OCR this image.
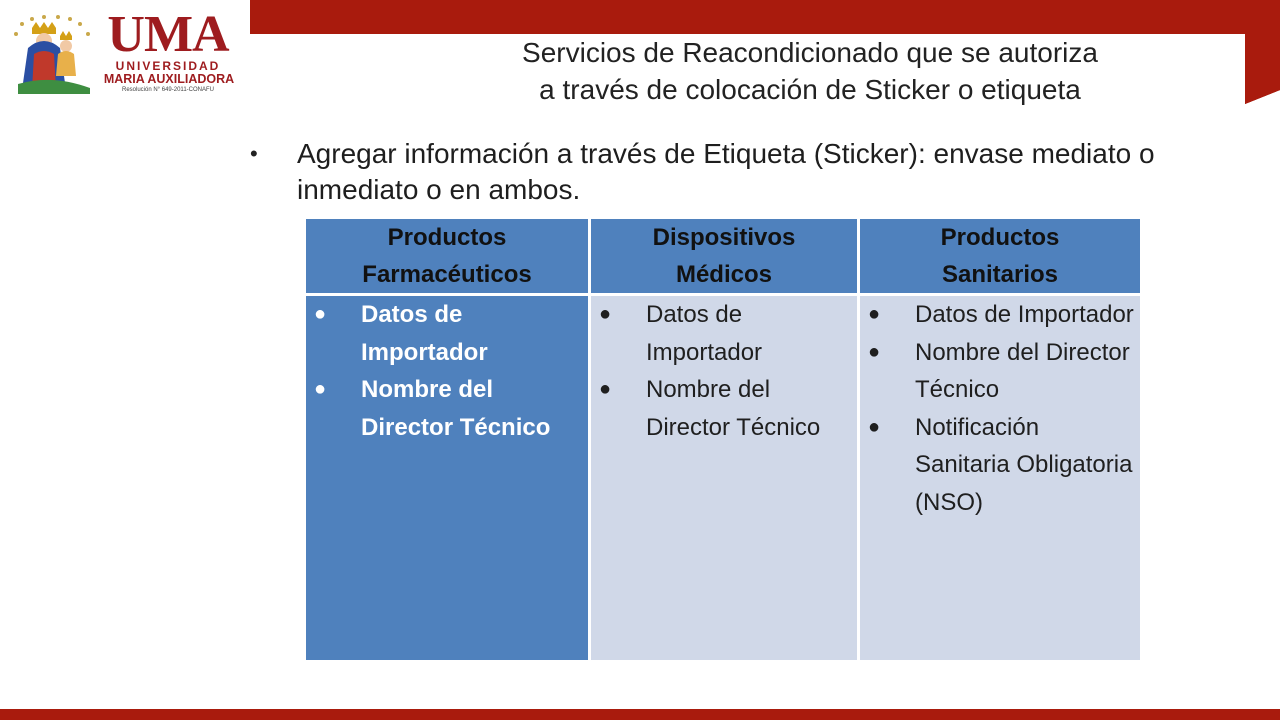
UMA
UNIVERSIDAD
MARIA AUXILIADORA
Resolución N° 649-2011-CONAFU
Servicios de Reacondicionado que se autoriza
a través de colocación de Sticker o etiqueta
• Agregar información a través de Etiqueta (Sticker): envase mediato o inmediato o en ambos.
Productos
Farmacéuticos
Dispositivos
Médicos
Productos
Sanitarios
● Datos de Importador
● Nombre del Director Técnico
● Datos de Importador
● Nombre del Director Técnico
● Datos de Importador
● Nombre del Director Técnico
● Notificación Sanitaria Obligatoria (NSO)
